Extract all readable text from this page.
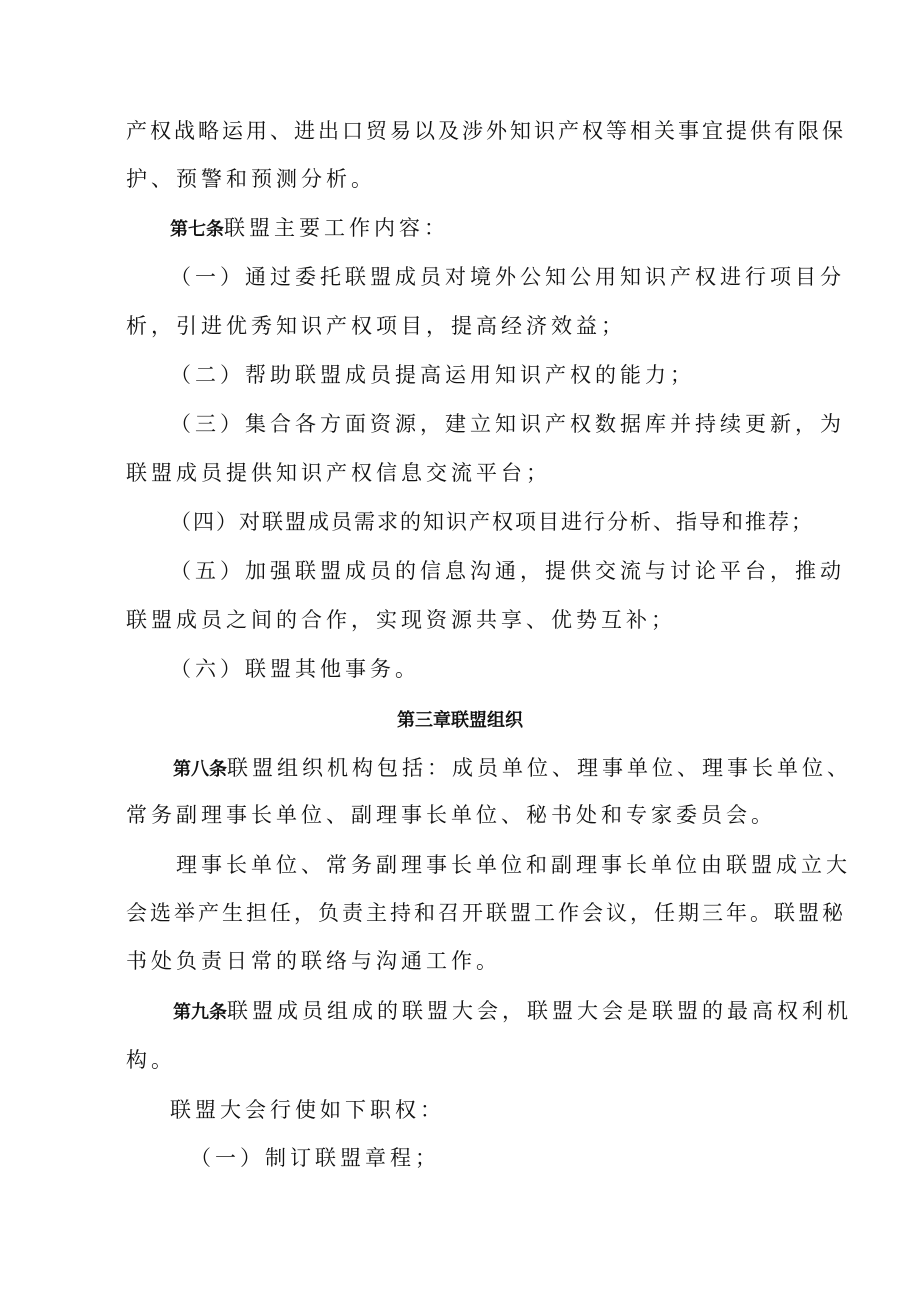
产权战略运用、进出口贸易以及涉外知识产权等相关事宜提供有限保
护、预警和预测分析。
第七条联盟主要工作内容：
（一）通过委托联盟成员对境外公知公用知识产权进行项目分
析，引进优秀知识产权项目，提高经济效益；
（二）帮助联盟成员提高运用知识产权的能力；
（三）集合各方面资源，建立知识产权数据库并持续更新，为
联盟成员提供知识产权信息交流平台；
（四）对联盟成员需求的知识产权项目进行分析、指导和推荐；
（五）加强联盟成员的信息沟通，提供交流与讨论平台，推动
联盟成员之间的合作，实现资源共享、优势互补；
（六）联盟其他事务。
第三章联盟组织
第八条联盟组织机构包括：成员单位、理事单位、理事长单位、
常务副理事长单位、副理事长单位、秘书处和专家委员会。
理事长单位、常务副理事长单位和副理事长单位由联盟成立大
会选举产生担任，负责主持和召开联盟工作会议，任期三年。联盟秘
书处负责日常的联络与沟通工作。
第九条联盟成员组成的联盟大会，联盟大会是联盟的最高权利机
构。
联盟大会行使如下职权：
（一）制订联盟章程；
